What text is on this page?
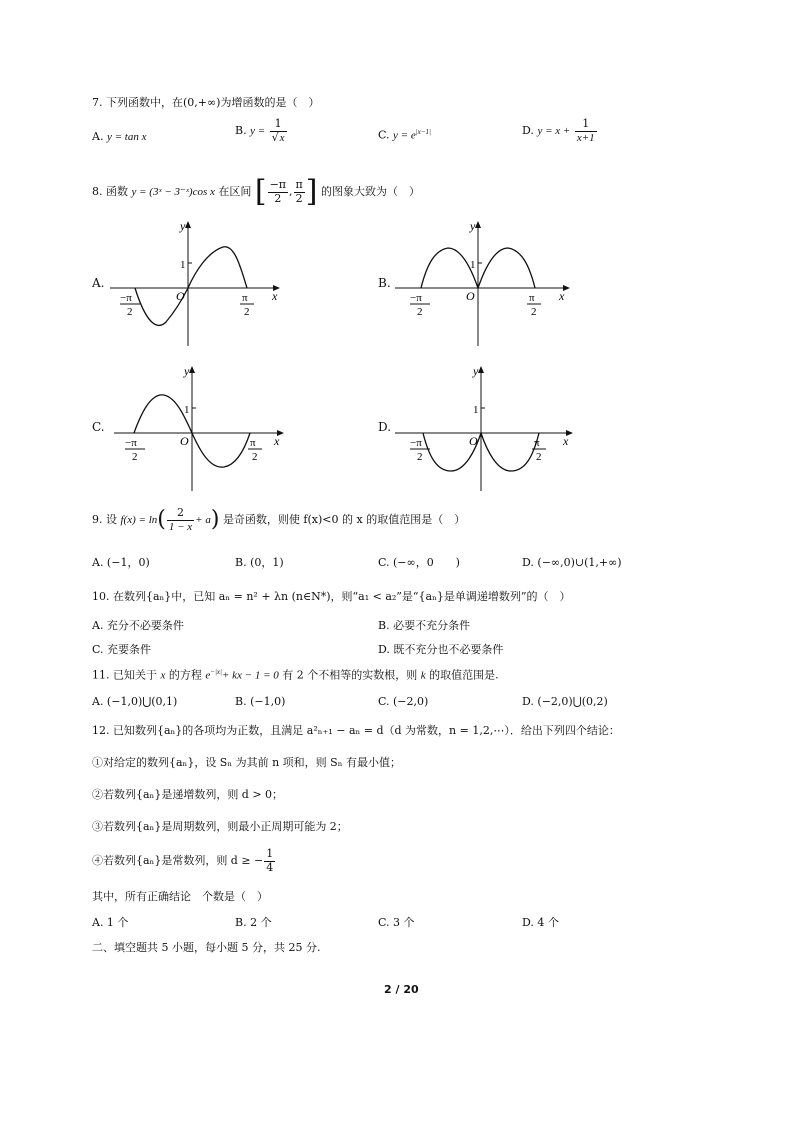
7. 下列函数中，在(0,+∞)为增函数的是（　）
A. y = tan x	B. $y = \frac{1}{√x}$	C. $y = e^{|x-1|}$	D. $y = x + \frac{1}{x+1}$
8. 函数 y = (3ˣ − 3⁻ˣ)cos x 在区间 [ $\frac{-\pi}{2}$ , $\frac{\pi}{2}$ ] 的图象大致为（　）
A.
y
x
O
1
−π
2
π
2
B.
y
x
O
1
−π
2
π
2
C.
y
x
O
1
−π
2
π
2
D.
y
x
O
1
−π
2
π
2
9. 设 $f(x) = \ln( \frac{2}{1 - x} + a)$ 是奇函数，则使 f(x)<0 的 x 的取值范围是（　）
A. (−1，0)	B. (0，1)	C. (−∞，0　　)	D. (−∞,0)∪(1,+∞)
10. 在数列{aₙ}中，已知 aₙ = n² + λn (n∈N*)，则“a₁ < a₂”是“{aₙ}是单调递增数列”的（　）
A. 充分不必要条件	B. 必要不充分条件
C. 充要条件	D. 既不充分也不必要条件
11. 已知关于 x 的方程 $e^{-|x|}+$ kx − 1 = 0 有 2 个不相等的实数根，则 k 的取值范围是.
A. (−1,0)⋃(0,1)	B. (−1,0)	C. (−2,0)	D. (−2,0)⋃(0,2)
12. 已知数列{aₙ}的各项均为正数，且满足 a²ₙ₊₁ − aₙ = d（d 为常数，n = 1,2,⋯）．给出下列四个结论：
①对给定的数列{aₙ}，设 Sₙ 为其前 n 项和，则 Sₙ 有最小值；
②若数列{aₙ}是递增数列，则 d > 0；
③若数列{aₙ}是周期数列，则最小正周期可能为 2；
④若数列{aₙ}是常数列，则 d ≥ − $\frac{1}{4}$
其中，所有正确结论　个数是（　）
A. 1 个	B. 2 个	C. 3 个	D. 4 个
二、填空题共 5 小题，每小题 5 分，共 25 分.
2 / 20
